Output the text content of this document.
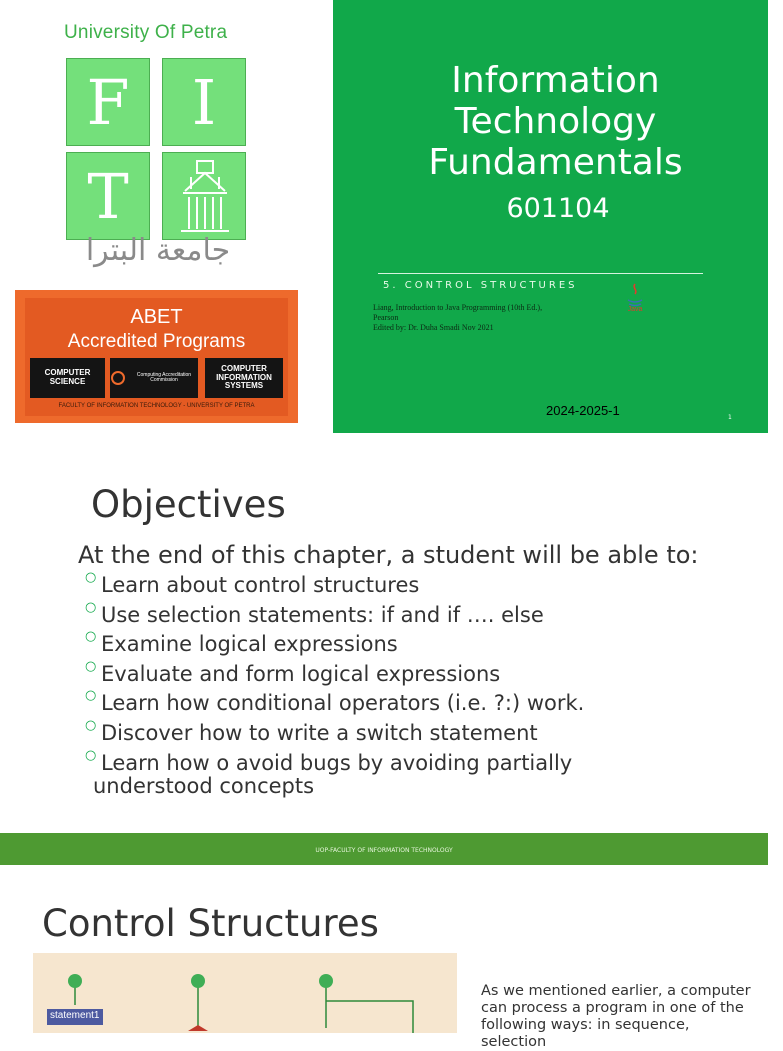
University Of Petra
F	I
T
جامعة البترا
ABET
Accredited Programs
COMPUTER SCIENCE
Computing Accreditation Commission
COMPUTER INFORMATION SYSTEMS
FACULTY OF INFORMATION TECHNOLOGY - UNIVERSITY OF PETRA
Information
Technology
Fundamentals
601104
5. CONTROL STRUCTURES
Liang, Introduction to Java Programming (10th Ed.),
Pearson
Edited by: Dr. Duha Smadi Nov 2021
Java
2024-2025-1	1
Objectives
At the end of this chapter, a student will be able to:
○ Learn about control structures
○ Use selection statements: if and if …. else
○ Examine logical expressions
○ Evaluate and form logical expressions
○ Learn how conditional operators (i.e. ?:) work.
○ Discover how to write a switch statement
○ Learn how o avoid bugs by avoiding partially
understood concepts
UOP-FACULTY OF INFORMATION TECHNOLOGY
Control Structures
statement1
As we mentioned earlier, a computer can process a program in one of the following ways: in sequence, selection
